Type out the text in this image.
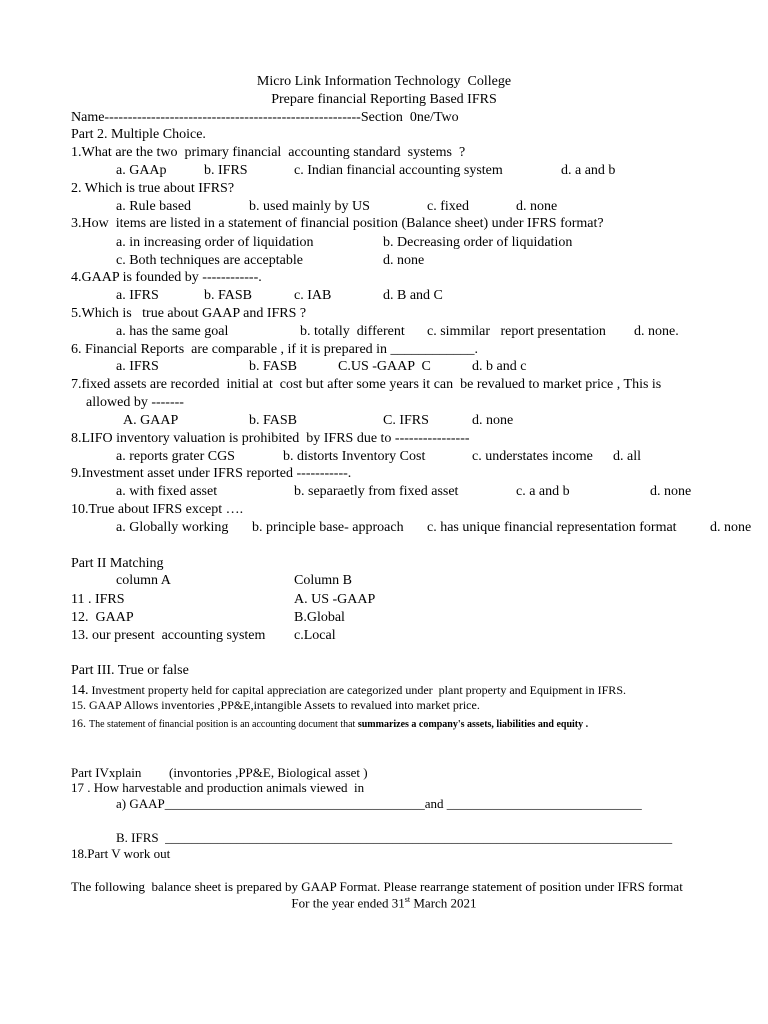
Micro Link Information Technology  College
Prepare financial Reporting Based IFRS
Name-------------------------------------------------------Section  0ne/Two
Part 2. Multiple Choice.
1.What are the two  primary financial  accounting standard  systems  ?
a. GAAp	b. IFRS	c. Indian financial accounting system	d. a and b
2. Which is true about IFRS?
a. Rule based	b. used mainly by US	c. fixed	d. none
3.How  items are listed in a statement of financial position (Balance sheet) under IFRS format?
a. in increasing order of liquidation	b. Decreasing order of liquidation
c. Both techniques are acceptable	d. none
4.GAAP is founded by ------------.
a. IFRS	b. FASB	c. IAB	d. B and C
5.Which is   true about GAAP and IFRS ?
a. has the same goal	b. totally  different c. simmilar   report presentation d. none.
6. Financial Reports  are comparable , if it is prepared in ____________.
a. IFRS	b. FASB	C.US -GAAP  C	d. b and c
7.fixed assets are recorded  initial at  cost but after some years it can  be revalued to market price , This is
allowed by -------
A. GAAP	b. FASB	C. IFRS	d. none
8.LIFO inventory valuation is prohibited  by IFRS due to ----------------
a. reports grater CGS	b. distorts Inventory Cost	c. understates income d. all
9.Investment asset under IFRS reported -----------.
a. with fixed asset	b. separaetly from fixed asset	c. a and b	d. none
10.True about IFRS except ….
a. Globally working b. principle base- approach c. has unique financial representation format d. none
Part II Matching
column A	Column B
11 . IFRS	A. US -GAAP
12.  GAAP	B.Global
13. our present  accounting system c.Local
Part III. True or false
14. Investment property held for capital appreciation are categorized under  plant property and Equipment in IFRS.
15. GAAP Allows inventories ,PP&E,intangible Assets to revalued into market price.
16. The statement of financial position is an accounting document that summarizes a company's assets, liabilities and equity .
Part IVxplain (invontories ,PP&E, Biological asset )
17 . How harvestable and production animals viewed  in
a) GAAP________________________________________and ______________________________
B. IFRS  ______________________________________________________________________________
18.Part V work out
The following  balance sheet is prepared by GAAP Format. Please rearrange statement of position under IFRS format
For the year ended 31st March 2021
